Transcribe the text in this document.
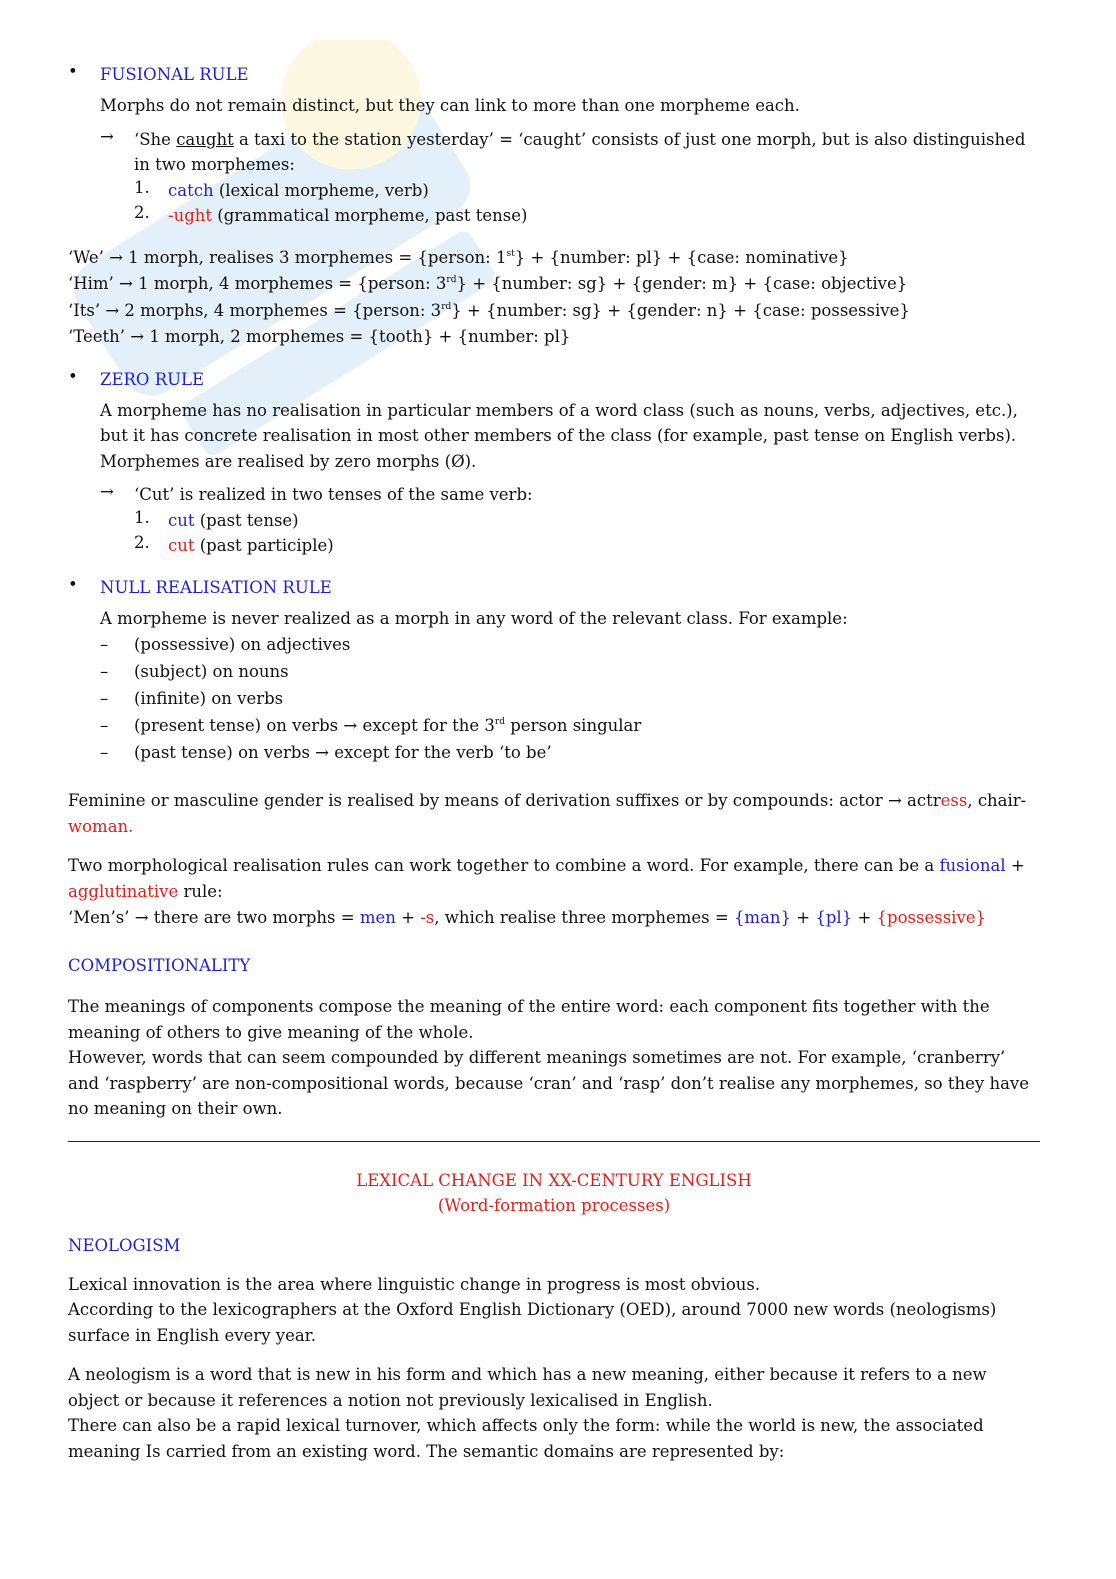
• FUSIONAL RULE

Morphs do not remain distinct, but they can link to more than one morpheme each.

→ ‘She caught a taxi to the station yesterday’ = ‘caught’ consists of just one morph, but is also distinguished in two morphemes:

1. catch (lexical morpheme, verb)

2. -ught (grammatical morpheme, past tense)

‘We’ → 1 morph, realises 3 morphemes = {person: 1st} + {number: pl} + {case: nominative}

‘Him’ → 1 morph, 4 morphemes = {person: 3rd} + {number: sg} + {gender: m} + {case: objective}

‘Its’ → 2 morphs, 4 morphemes = {person: 3rd} + {number: sg} + {gender: n} + {case: possessive}

‘Teeth’ → 1 morph, 2 morphemes = {tooth} + {number: pl}

• ZERO RULE

A morpheme has no realisation in particular members of a word class (such as nouns, verbs, adjectives, etc.), but it has concrete realisation in most other members of the class (for example, past tense on English verbs). Morphemes are realised by zero morphs (Ø).

→ ‘Cut’ is realized in two tenses of the same verb:

1. cut (past tense)

2. cut (past participle)

• NULL REALISATION RULE

A morpheme is never realized as a morph in any word of the relevant class. For example:

– (possessive) on adjectives
– (subject) on nouns
– (infinite) on verbs
– (present tense) on verbs → except for the 3rd person singular
– (past tense) on verbs → except for the verb ‘to be’

Feminine or masculine gender is realised by means of derivation suffixes or by compounds: actor → actress, chair-woman.

Two morphological realisation rules can work together to combine a word. For example, there can be a fusional + agglutinative rule:

‘Men’s’ → there are two morphs = men + -s, which realise three morphemes = {man} + {pl} + {possessive}

COMPOSITIONALITY

The meanings of components compose the meaning of the entire word: each component fits together with the meaning of others to give meaning of the whole.

However, words that can seem compounded by different meanings sometimes are not. For example, ‘cranberry’ and ‘raspberry’ are non-compositional words, because ‘cran’ and ‘rasp’ don’t realise any morphemes, so they have no meaning on their own.

LEXICAL CHANGE IN XX-CENTURY ENGLISH

(Word-formation processes)

NEOLOGISM

Lexical innovation is the area where linguistic change in progress is most obvious.

According to the lexicographers at the Oxford English Dictionary (OED), around 7000 new words (neologisms) surface in English every year.

A neologism is a word that is new in his form and which has a new meaning, either because it refers to a new object or because it references a notion not previously lexicalised in English.

There can also be a rapid lexical turnover, which affects only the form: while the world is new, the associated meaning Is carried from an existing word. The semantic domains are represented by:
